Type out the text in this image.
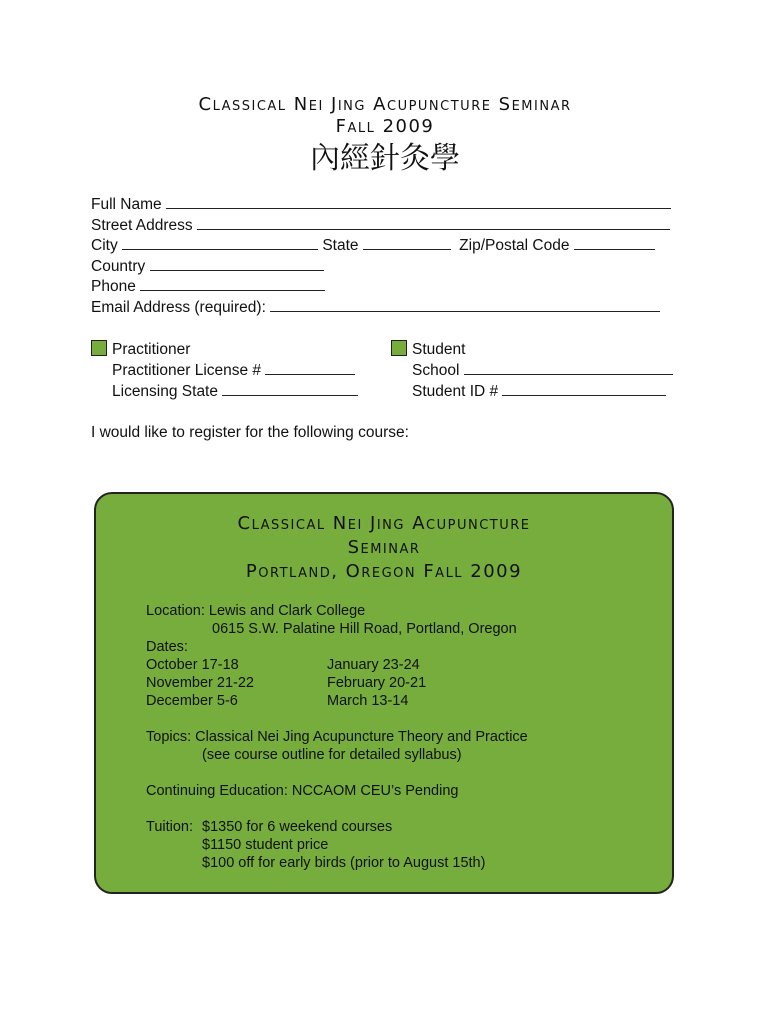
Classical Nei Jing Acupuncture Seminar
Fall 2009
內經針灸學
Full Name
Street Address
City	State	Zip/Postal Code
Country
Phone
Email Address (required):
Practitioner
Practitioner License #
Licensing State
Student
School
Student ID #
I would like to register for the following course:
Classical Nei Jing Acupuncture
Seminar
Portland, Oregon Fall 2009
Location: Lewis and Clark College
0615 S.W. Palatine Hill Road, Portland, Oregon
Dates:
October 17-18
November 21-22
December 5-6
January 23-24
February 20-21
March 13-14
Topics: Classical Nei Jing Acupuncture Theory and Practice
(see course outline for detailed syllabus)
Continuing Education: NCCAOM CEU’s Pending
Tuition: $1350 for 6 weekend courses
$1150 student price
$100 off for early birds (prior to August 15th)
